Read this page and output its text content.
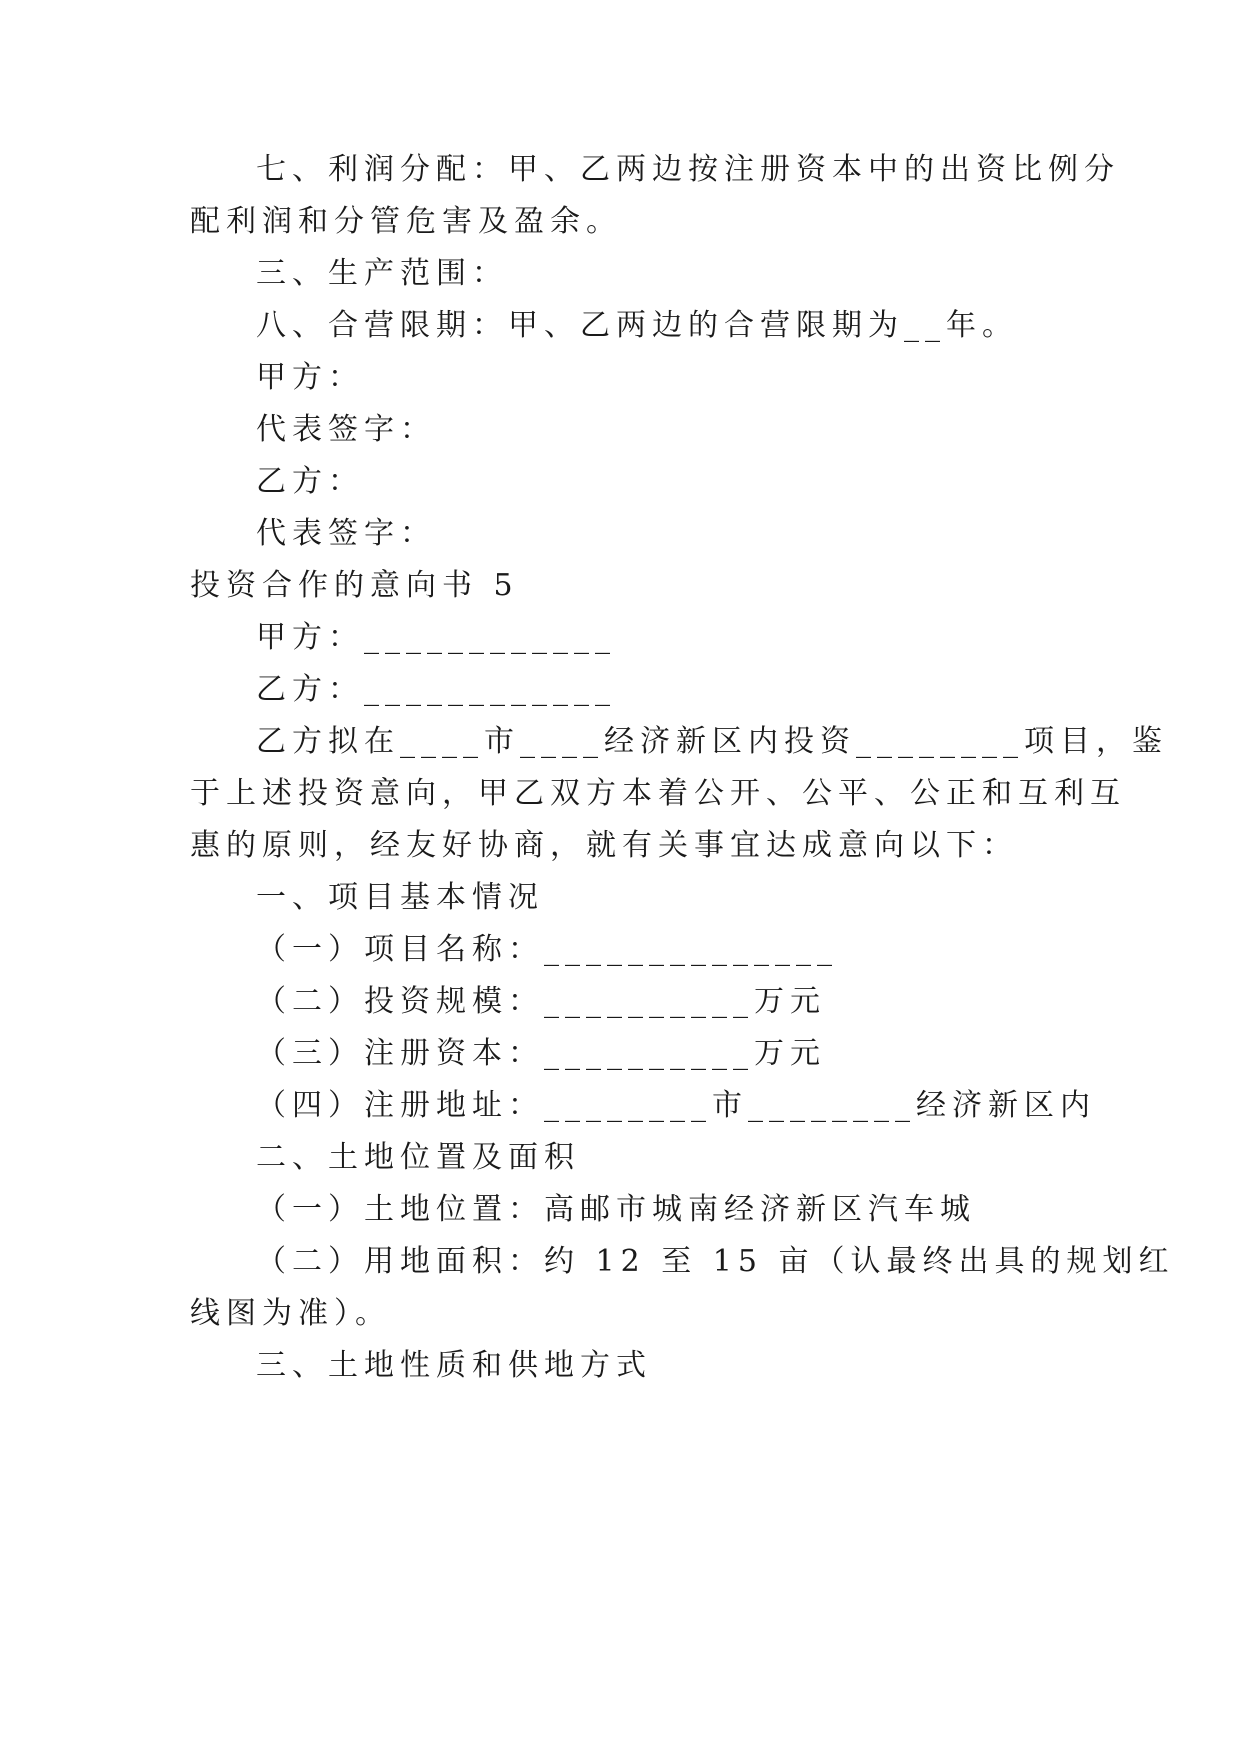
七、利润分配：甲、乙两边按注册资本中的出资比例分
配利润和分管危害及盈余。
三、生产范围：
八、合营限期：甲、乙两边的合营限期为__年。
甲方：
代表签字：
乙方：
代表签字：
投资合作的意向书 5
甲方：____________
乙方：____________
乙方拟在____市____经济新区内投资________项目，鉴
于上述投资意向，甲乙双方本着公开、公平、公正和互利互
惠的原则，经友好协商，就有关事宜达成意向以下：
一、项目基本情况
（一）项目名称：______________
（二）投资规模：__________万元
（三）注册资本：__________万元
（四）注册地址：________市________经济新区内
二、土地位置及面积
（一）土地位置：高邮市城南经济新区汽车城
（二）用地面积：约 12 至 15 亩（认最终出具的规划红
线图为准）。
三、土地性质和供地方式
